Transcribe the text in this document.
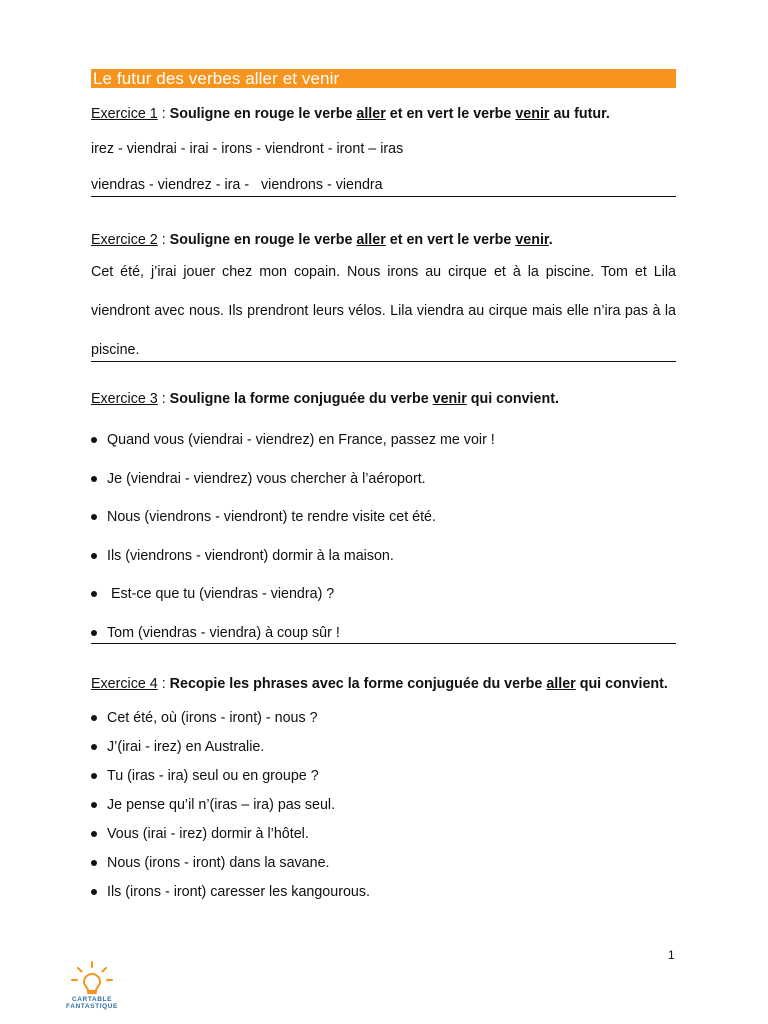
Le futur des verbes aller et venir
Exercice 1 : Souligne en rouge le verbe aller et en vert le verbe venir au futur.
irez - viendrai - irai - irons - viendront - iront – iras
viendras - viendrez - ira -   viendrons - viendra
Exercice 2 : Souligne en rouge le verbe aller et en vert le verbe venir.
Cet été, j’irai jouer chez mon copain. Nous irons au cirque et à la piscine. Tom et Lila viendront avec nous. Ils prendront leurs vélos. Lila viendra au cirque mais elle n’ira pas à la piscine.
Exercice 3 : Souligne la forme conjuguée du verbe venir qui convient.
Quand vous (viendrai - viendrez) en France, passez me voir !
Je (viendrai - viendrez) vous chercher à l’aéroport.
Nous (viendrons - viendront) te rendre visite cet été.
Ils (viendrons - viendront) dormir à la maison.
Est-ce que tu (viendras - viendra) ?
Tom (viendras - viendra) à coup sûr !
Exercice 4 : Recopie les phrases avec la forme conjuguée du verbe aller qui convient.
Cet été, où (irons - iront) - nous ?
J’(irai - irez) en Australie.
Tu (iras - ira) seul ou en groupe ?
Je pense qu’il n’(iras – ira) pas seul.
Vous (irai - irez) dormir à l’hôtel.
Nous (irons - iront) dans la savane.
Ils (irons - iront) caresser les kangourous.
1
CARTABLE
FANTASTIQUE
